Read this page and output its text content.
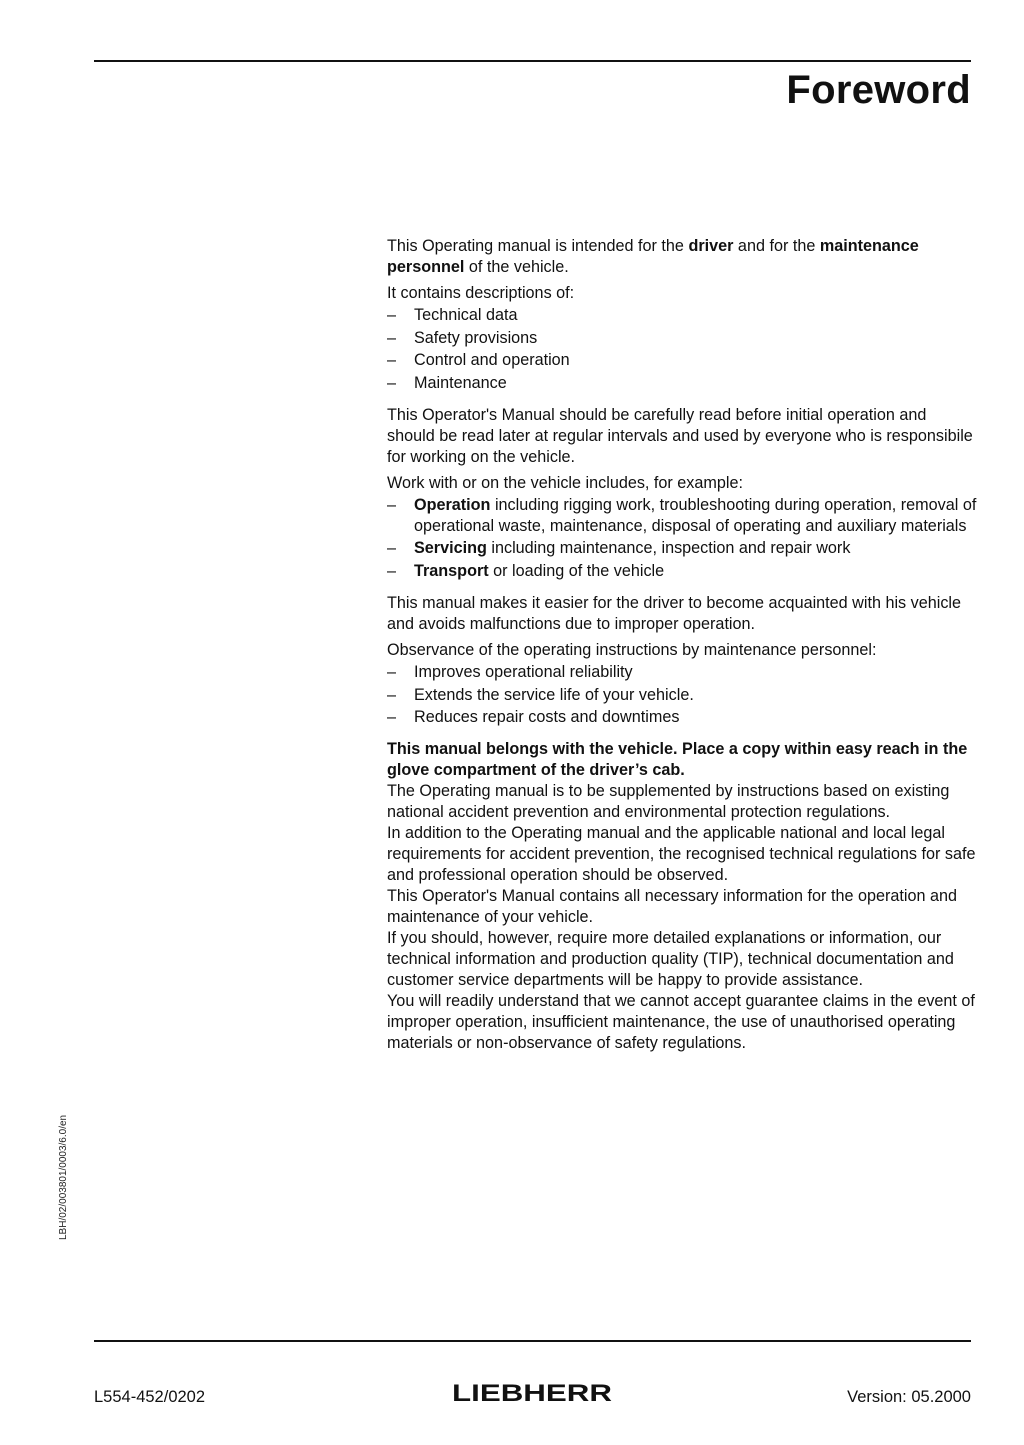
Foreword

This Operating manual is intended for the driver and for the maintenance personnel of the vehicle.

It contains descriptions of:

– Technical data
– Safety provisions
– Control and operation
– Maintenance

This Operator's Manual should be carefully read before initial operation and should be read later at regular intervals and used by everyone who is responsibile for working on the vehicle.

Work with or on the vehicle includes, for example:

– Operation including rigging work, troubleshooting during operation, removal of operational waste, maintenance, disposal of operating and auxiliary materials
– Servicing including maintenance, inspection and repair work
– Transport or loading of the vehicle

This manual makes it easier for the driver to become acquainted with his vehicle and avoids malfunctions due to improper operation.

Observance of the operating instructions by maintenance personnel:

– Improves operational reliability
– Extends the service life of your vehicle.
– Reduces repair costs and downtimes

This manual belongs with the vehicle. Place a copy within easy reach in the glove compartment of the driver’s cab.

The Operating manual is to be supplemented by instructions based on existing national accident prevention and environmental protection regulations.

In addition to the Operating manual and the applicable national and local legal requirements for accident prevention, the recognised technical regulations for safe and professional operation should be observed.

This Operator's Manual contains all necessary information for the operation and maintenance of your vehicle.

If you should, however, require more detailed explanations or information, our technical information and production quality (TIP), technical documentation and customer service departments will be happy to provide assistance.

You will readily understand that we cannot accept guarantee claims in the event of improper operation, insufficient maintenance, the use of unauthorised operating materials or non-observance of safety regulations.

LBH/02/003801/0003/6.0/en
L554-452/0202	LIEBHERR	Version: 05.2000
